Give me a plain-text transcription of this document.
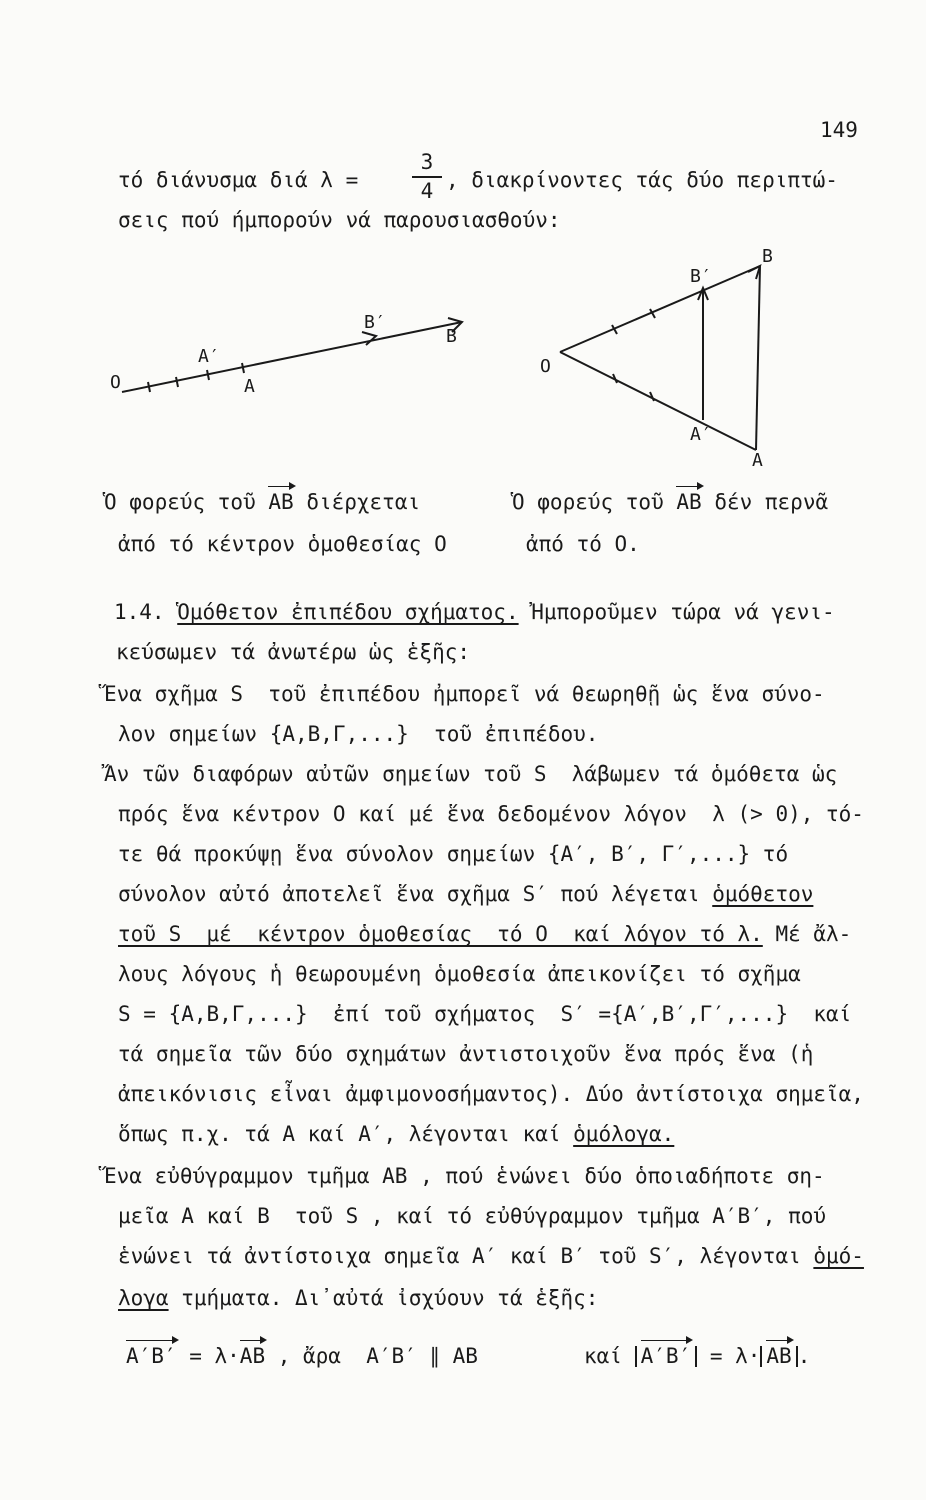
149
τό διάνυσμα διά λ =
3
4 , διακρίνοντες τάς δύο περιπτώ-
σεις πού ήμπορούν νά παρουσιασθούν:
O
A′
A
B′
B
O
B′
B
A′
A
Ὁ φορεύς τοῦ AB διέρχεται
ἀπό τό κέντρον ὁμοθεσίας O
Ὁ φορεύς τοῦ AB δέν περνᾶ
ἀπό τό O.
1.4. Ὁμόθετον ἐπιπέδου σχήματος. Ἠμποροῦμεν τώρα νά γενι-
κεύσωμεν τά ἀνωτέρω ὡς ἑξῆς:
Ἕνα σχῆμα S  τοῦ ἐπιπέδου ἠμπορεῖ νά θεωρηθῇ ὡς ἕνα σύνο-
λον σημείων {A,B,Γ,...}  τοῦ ἐπιπέδου.
Ἄν τῶν διαφόρων αὐτῶν σημείων τοῦ S  λάβωμεν τά ὁμόθετα ὡς
πρός ἕνα κέντρον O καί μέ ἕνα δεδομένον λόγον  λ (> 0), τό-
τε θά προκύψῃ ἕνα σύνολον σημείων {A′, B′, Γ′,...} τό
σύνολον αὐτό ἀποτελεῖ ἕνα σχῆμα S′ πού λέγεται ὁμόθετον
τοῦ S  μέ  κέντρον ὁμοθεσίας  τό O  καί λόγον τό λ. Μέ ἄλ-
λους λόγους ἡ θεωρουμένη ὁμοθεσία ἀπεικονίζει τό σχῆμα
S = {A,B,Γ,...}  ἐπί τοῦ σχήματος  S′ ={A′,B′,Γ′,...}  καί
τά σημεῖα τῶν δύο σχημάτων ἀντιστοιχοῦν ἕνα πρός ἕνα (ἡ
ἀπεικόνισις εἶναι ἀμφιμονοσήμαντος). Δύο ἀντίστοιχα σημεῖα,
ὅπως π.χ. τά A καί A′, λέγονται καί ὁμόλογα.
Ἕνα εὐθύγραμμον τμῆμα AB , πού ἑνώνει δύο ὁποιαδήποτε ση-
μεῖα A καί B  τοῦ S , καί τό εὐθύγραμμον τμῆμα A′B′, πού
ἑνώνει τά ἀντίστοιχα σημεῖα A′ καί B′ τοῦ S′, λέγονται ὁμό-
λογα τμήματα. Δι᾽αὐτά ἰσχύουν τά ἑξῆς:
A′B′ = λ·AB , ἄρα  A′B′ ∥ AB	καί A′B′ = λ· AB .
